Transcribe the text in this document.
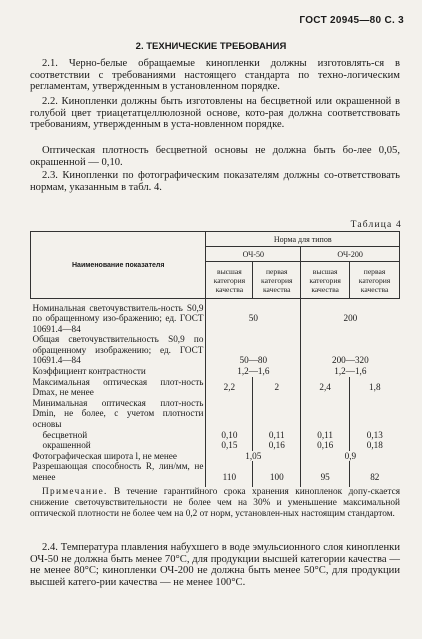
ГОСТ 20945—80 С. 3
2. ТЕХНИЧЕСКИЕ ТРЕБОВАНИЯ

2.1. Черно-белые обращаемые кинопленки должны изготовлять-ся в соответствии с требованиями настоящего стандарта по техно-логическим регламентам, утвержденным в установленном порядке.

2.2. Кинопленки должны быть изготовлены на бесцветной или окрашенной в голубой цвет триацетатцеллюлозной основе, кото-рая должна соответствовать требованиям, утвержденным в уста-новленном порядке.

Оптическая плотность бесцветной основы не должна быть бо-лее 0,05, окрашенной — 0,10.

2.3. Кинопленки по фотографическим показателям должны со-ответствовать нормам, указанным в табл. 4.

Таблица 4
Наименование показателя	Норма для типов			
	ОЧ-50		ОЧ-200	
	высшая категория качества	первая категория качества	высшая категория качества	первая категория качества

Номинальная светочувствитель-ность S0,9 по обращенному изо-бражению; ед. ГОСТ 10691.4—84	50		200	
Общая светочувствительность S0,9 по обращенному изображению; ед. ГОСТ 10691.4—84	50—80		200—320	
Коэффициент контрастности	1,2—1,6		1,2—1,6	
Максимальная оптическая плот-ность Dmax, не менее	2,2	2	2,4	1,8
Минимальная оптическая плот-ность Dmin, не более, с учетом плотности основы				
бесцветной	0,10	0,11	0,11	0,13
окрашенной	0,15	0,16	0,16	0,18
Фотографическая широта l, не менее	1,05		0,9	
Разрешающая способность R, лин/мм, не менее	110	100	95	82

Примечание. В течение гарантийного срока хранения кинопленок допу-скается снижение светочувствительности не более чем на 30% и уменьшение максимальной оптической плотности не более чем на 0,2 от норм, установлен-ных настоящим стандартом.

2.4. Температура плавления набухшего в воде эмульсионного слоя кинопленки ОЧ-50 не должна быть менее 70°С, для продукции высшей категории качества — не менее 80°С; кинопленки ОЧ-200 не должна быть менее 50°С, для продукции высшей катего-рии качества — не менее 100°С.
